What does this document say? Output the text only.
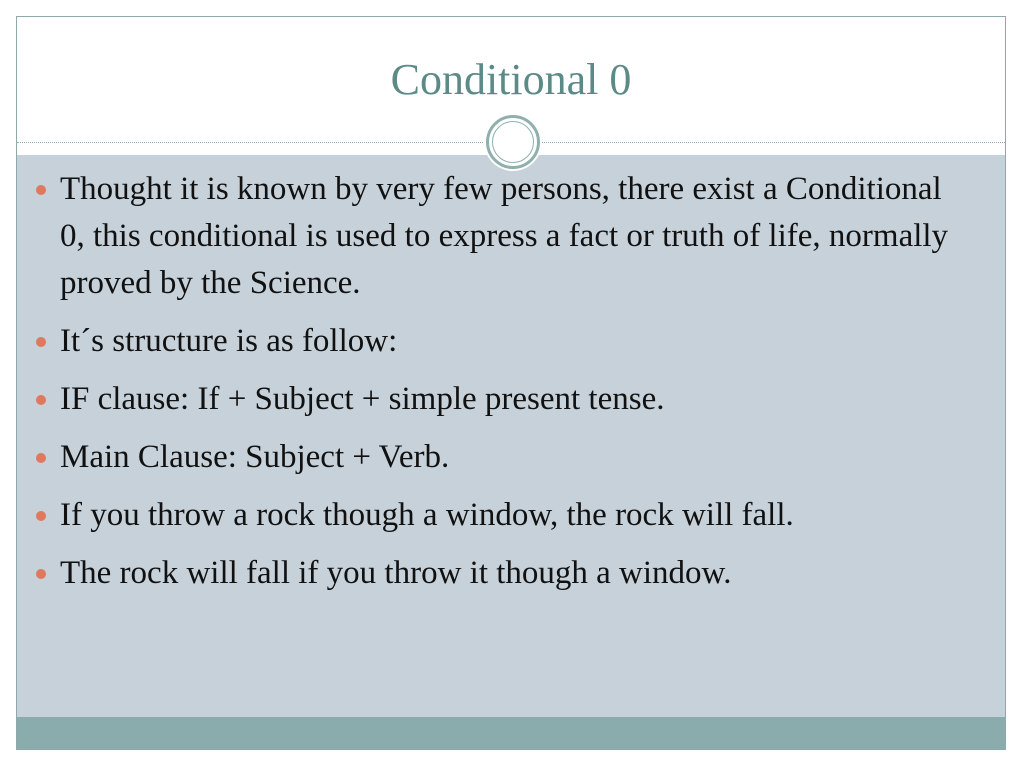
Conditional 0
Thought it is known by very few persons, there exist a Conditional 0, this conditional is used to express a fact or truth of life, normally proved by the Science.
It´s structure is as follow:
IF clause: If + Subject + simple present tense.
Main Clause: Subject + Verb.
If you throw a rock though a window, the rock will fall.
The rock will fall if you throw it though a window.
